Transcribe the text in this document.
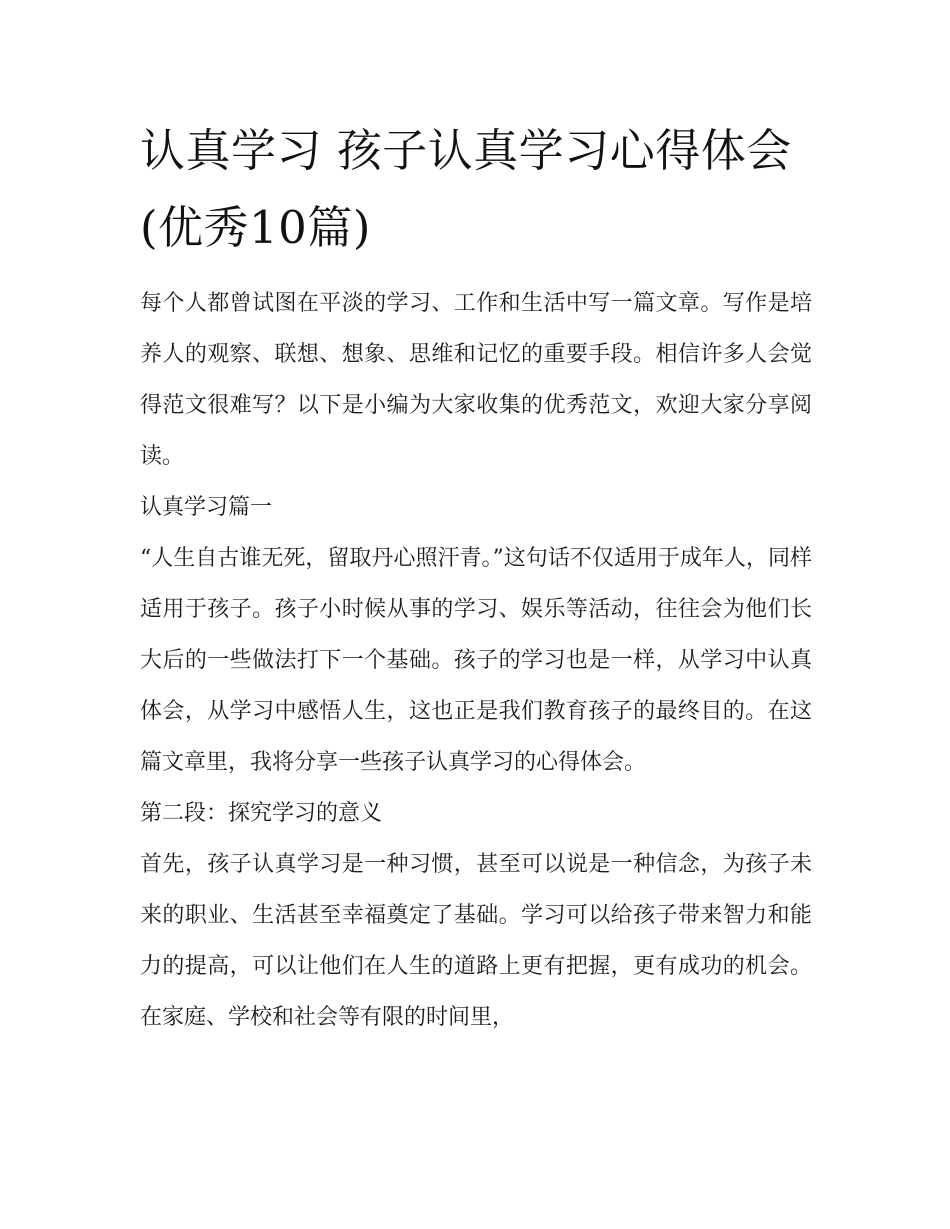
认真学习 孩子认真学习心得体会(优秀10篇)

每个人都曾试图在平淡的学习、工作和生活中写一篇文章。写作是培养人的观察、联想、想象、思维和记忆的重要手段。相信许多人会觉得范文很难写？以下是小编为大家收集的优秀范文，欢迎大家分享阅读。

认真学习篇一

“人生自古谁无死，留取丹心照汗青。”这句话不仅适用于成年人，同样适用于孩子。孩子小时候从事的学习、娱乐等活动，往往会为他们长大后的一些做法打下一个基础。孩子的学习也是一样，从学习中认真体会，从学习中感悟人生，这也正是我们教育孩子的最终目的。在这篇文章里，我将分享一些孩子认真学习的心得体会。

第二段：探究学习的意义

首先，孩子认真学习是一种习惯，甚至可以说是一种信念，为孩子未来的职业、生活甚至幸福奠定了基础。学习可以给孩子带来智力和能力的提高，可以让他们在人生的道路上更有把握，更有成功的机会。在家庭、学校和社会等有限的时间里，
